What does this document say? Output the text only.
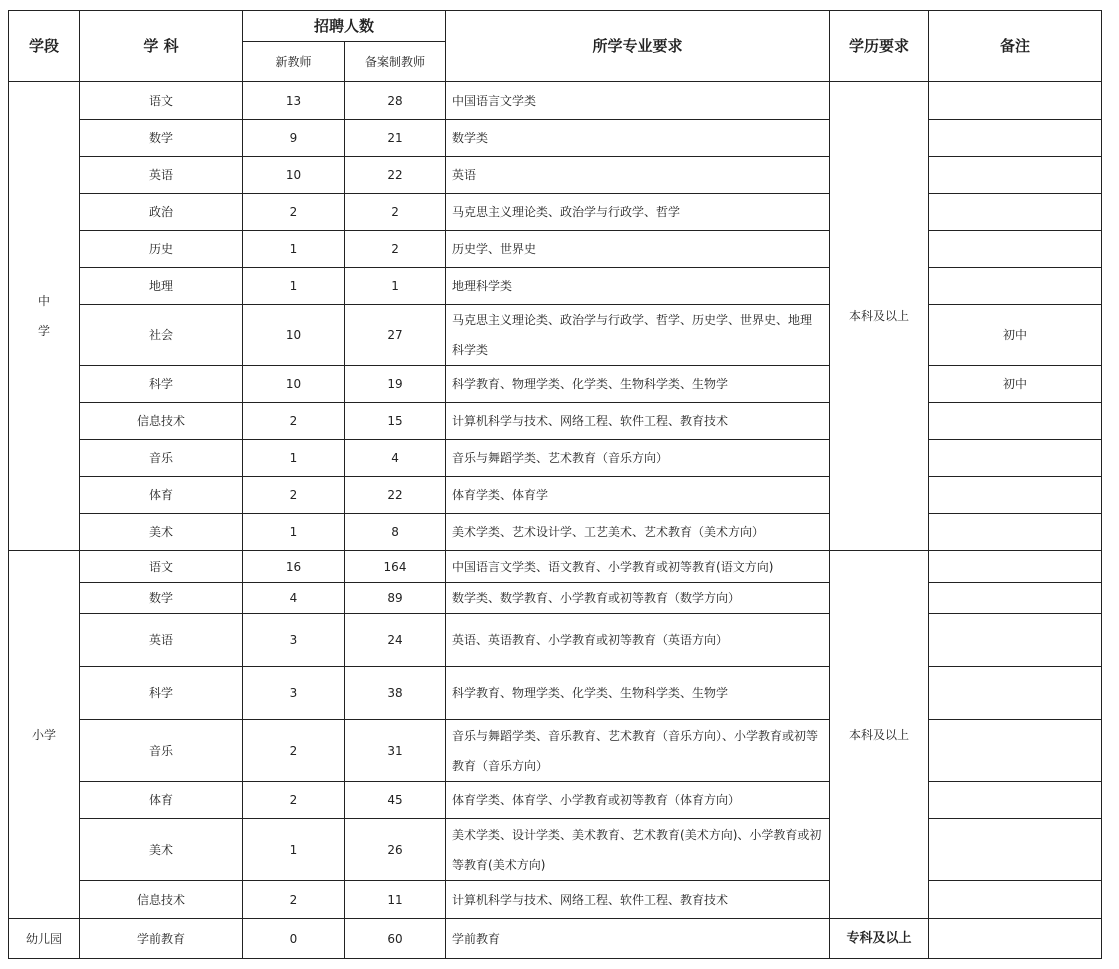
学段	学 科	招聘人数		所学专业要求	学历要求	备注
		新教师	备案制教师			

中
学	语文	13	28	中国语言文学类	本科及以上	
	数学	9	21	数学类		
	英语	10	22	英语		
	政治	2	2	马克思主义理论类、政治学与行政学、哲学		
	历史	1	2	历史学、世界史		
	地理	1	1	地理科学类		
	社会	10	27	马克思主义理论类、政治学与行政学、哲学、历史学、世界史、地理科学类		初中
	科学	10	19	科学教育、物理学类、化学类、生物科学类、生物学		初中
	信息技术	2	15	计算机科学与技术、网络工程、软件工程、教育技术		
	音乐	1	4	音乐与舞蹈学类、艺术教育（音乐方向）		
	体育	2	22	体育学类、体育学		
	美术	1	8	美术学类、艺术设计学、工艺美术、艺术教育（美术方向）		
小学	语文	16	164	中国语言文学类、语文教育、小学教育或初等教育(语文方向)	本科及以上	
	数学	4	89	数学类、数学教育、小学教育或初等教育（数学方向）		
	英语	3	24	英语、英语教育、小学教育或初等教育（英语方向）		
	科学	3	38	科学教育、物理学类、化学类、生物科学类、生物学		
	音乐	2	31	音乐与舞蹈学类、音乐教育、艺术教育（音乐方向）、小学教育或初等教育（音乐方向）		
	体育	2	45	体育学类、体育学、小学教育或初等教育（体育方向）		
	美术	1	26	美术学类、设计学类、美术教育、艺术教育(美术方向)、小学教育或初等教育(美术方向)		
	信息技术	2	11	计算机科学与技术、网络工程、软件工程、教育技术		
幼儿园	学前教育	0	60	学前教育	专科及以上	
